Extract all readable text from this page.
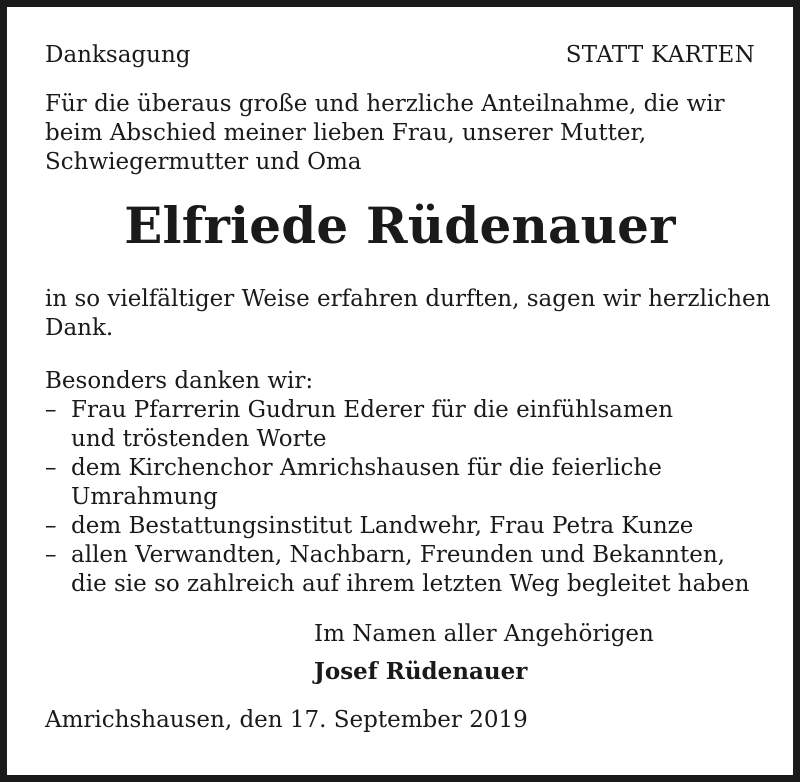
Danksagung	STATT KARTEN
Für die überaus große und herzliche Anteilnahme, die wir
beim Abschied meiner lieben Frau, unserer Mutter,
Schwiegermutter und Oma
Elfriede Rüdenauer
in so vielfältiger Weise erfahren durften, sagen wir herzlichen
Dank.
Besonders danken wir:
– Frau Pfarrerin Gudrun Ederer für die einfühlsamen
und tröstenden Worte
– dem Kirchenchor Amrichshausen für die feierliche
Umrahmung
– dem Bestattungsinstitut Landwehr, Frau Petra Kunze
– allen Verwandten, Nachbarn, Freunden und Bekannten,
die sie so zahlreich auf ihrem letzten Weg begleitet haben
Im Namen aller Angehörigen
Josef Rüdenauer
Amrichshausen, den 17. September 2019
